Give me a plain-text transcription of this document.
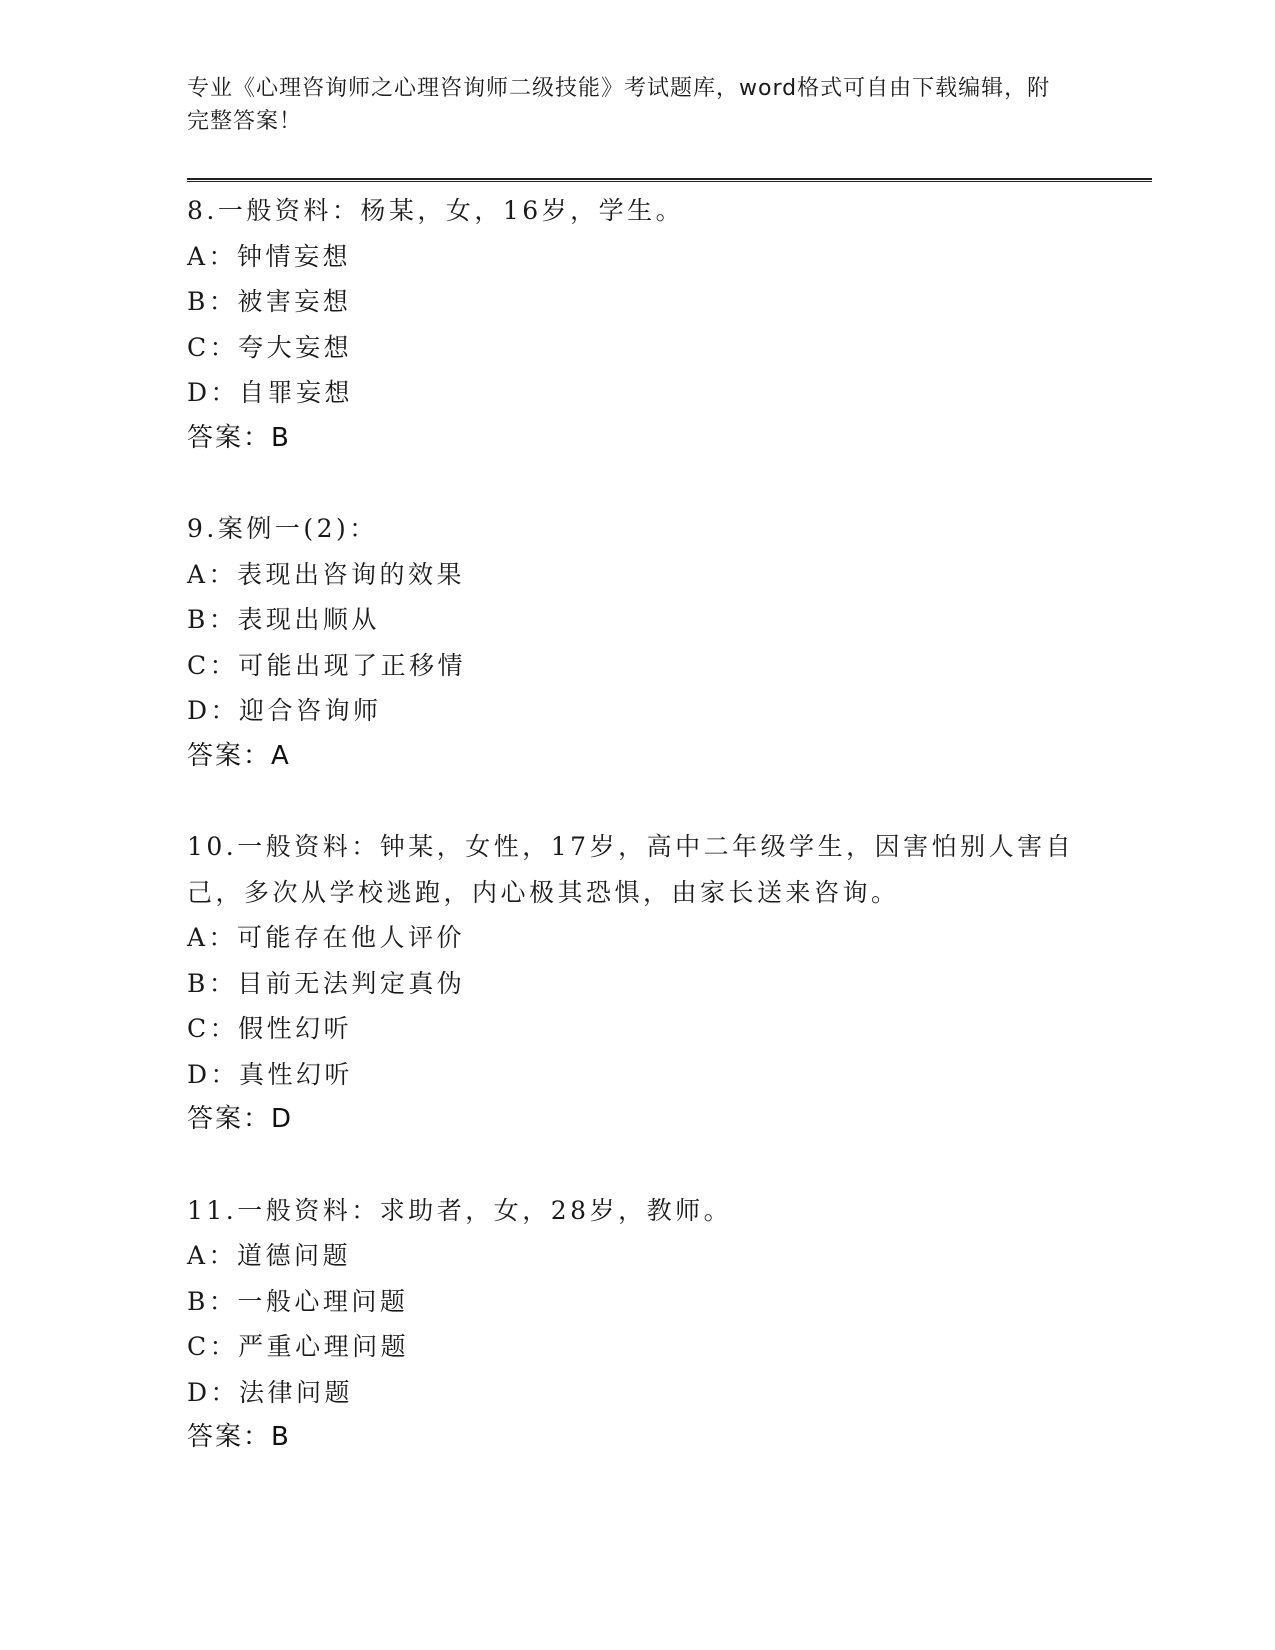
专业《心理咨询师之心理咨询师二级技能》考试题库，word格式可自由下载编辑，附完整答案！
8.一般资料：杨某，女，16岁，学生。
A：钟情妄想
B：被害妄想
C：夸大妄想
D：自罪妄想
答案：B
9.案例一(2)：
A：表现出咨询的效果
B：表现出顺从
C：可能出现了正移情
D：迎合咨询师
答案：A
10.一般资料：钟某，女性，17岁，高中二年级学生，因害怕别人害自己，多次从学校逃跑，内心极其恐惧，由家长送来咨询。
A：可能存在他人评价
B：目前无法判定真伪
C：假性幻听
D：真性幻听
答案：D
11.一般资料：求助者，女，28岁，教师。
A：道德问题
B：一般心理问题
C：严重心理问题
D：法律问题
答案：B
